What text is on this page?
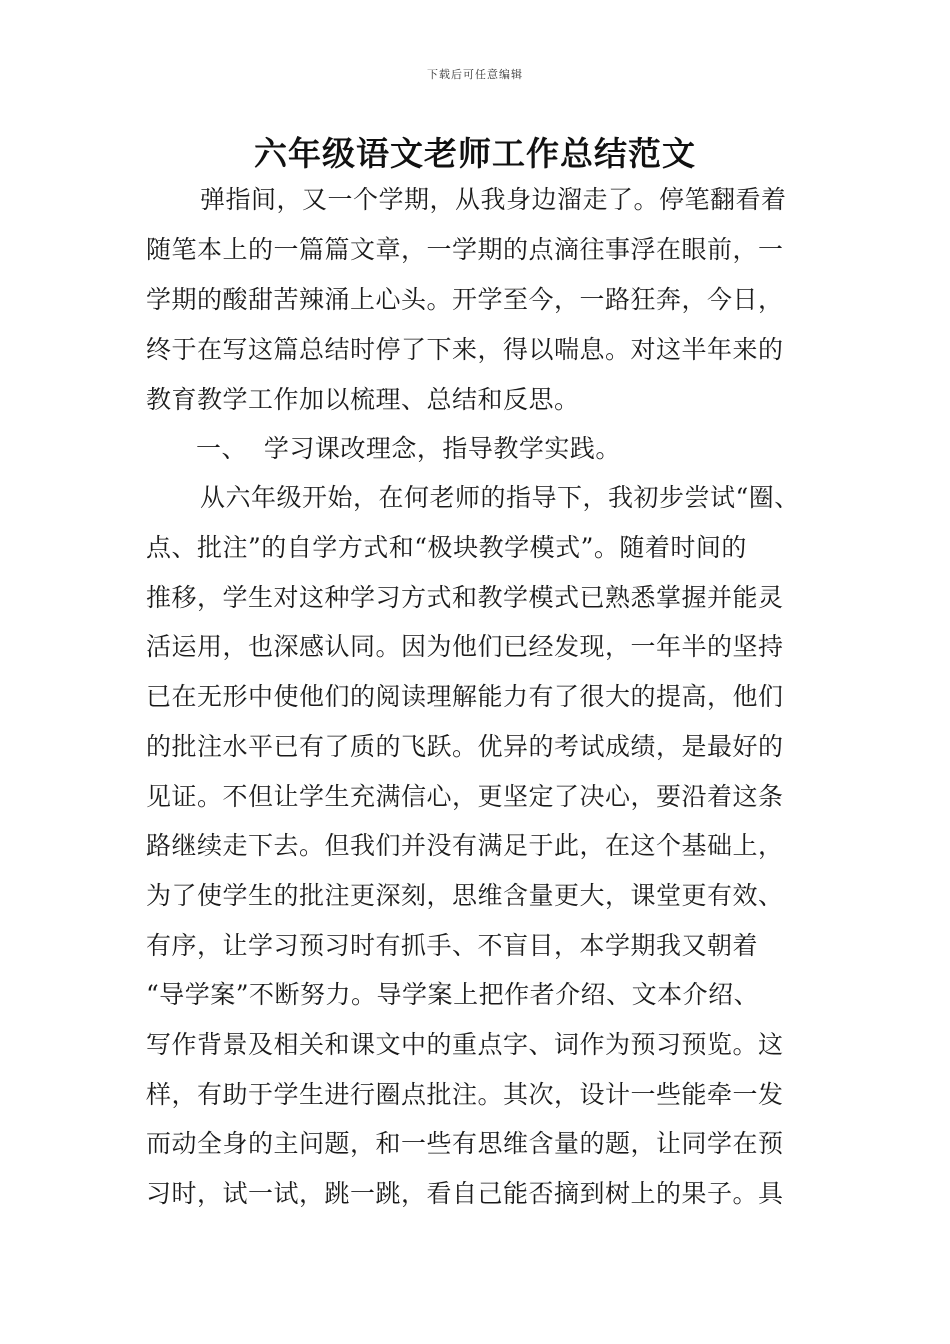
下载后可任意编辑
六年级语文老师工作总结范文
弹指间，又一个学期，从我身边溜走了。停笔翻看着
随笔本上的一篇篇文章，一学期的点滴往事浮在眼前，一
学期的酸甜苦辣涌上心头。开学至今，一路狂奔，今日，
终于在写这篇总结时停了下来，得以喘息。对这半年来的
教育教学工作加以梳理、总结和反思。
一、  学习课改理念，指导教学实践。
从六年级开始，在何老师的指导下，我初步尝试“圈、
点、批注”的自学方式和“极块教学模式”。随着时间的
推移，学生对这种学习方式和教学模式已熟悉掌握并能灵
活运用，也深感认同。因为他们已经发现，一年半的坚持
已在无形中使他们的阅读理解能力有了很大的提高，他们
的批注水平已有了质的飞跃。优异的考试成绩，是最好的
见证。不但让学生充满信心，更坚定了决心，要沿着这条
路继续走下去。但我们并没有满足于此，在这个基础上，
为了使学生的批注更深刻，思维含量更大，课堂更有效、
有序，让学习预习时有抓手、不盲目，本学期我又朝着
“导学案”不断努力。导学案上把作者介绍、文本介绍、
写作背景及相关和课文中的重点字、词作为预习预览。这
样，有助于学生进行圈点批注。其次，设计一些能牵一发
而动全身的主问题，和一些有思维含量的题，让同学在预
习时，试一试，跳一跳，看自己能否摘到树上的果子。具
